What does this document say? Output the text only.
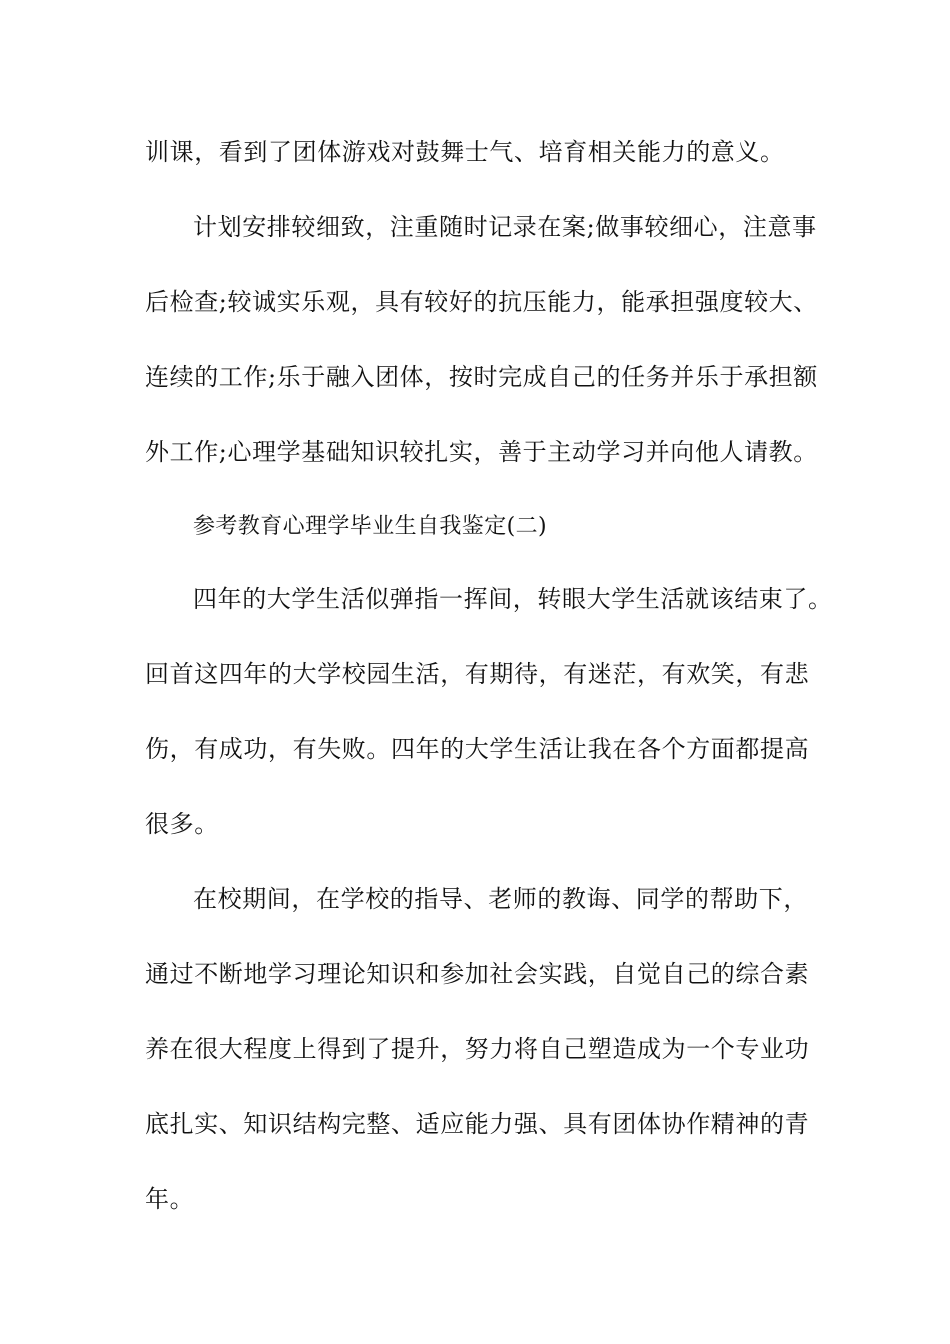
训课，看到了团体游戏对鼓舞士气、培育相关能力的意义。
计划安排较细致，注重随时记录在案;做事较细心，注意事
后检查;较诚实乐观，具有较好的抗压能力，能承担强度较大、
连续的工作;乐于融入团体，按时完成自己的任务并乐于承担额
外工作;心理学基础知识较扎实，善于主动学习并向他人请教。
参考教育心理学毕业生自我鉴定(二)
四年的大学生活似弹指一挥间，转眼大学生活就该结束了。
回首这四年的大学校园生活，有期待，有迷茫，有欢笑，有悲
伤，有成功，有失败。四年的大学生活让我在各个方面都提高
很多。
在校期间，在学校的指导、老师的教诲、同学的帮助下，
通过不断地学习理论知识和参加社会实践，自觉自己的综合素
养在很大程度上得到了提升，努力将自己塑造成为一个专业功
底扎实、知识结构完整、适应能力强、具有团体协作精神的青
年。
